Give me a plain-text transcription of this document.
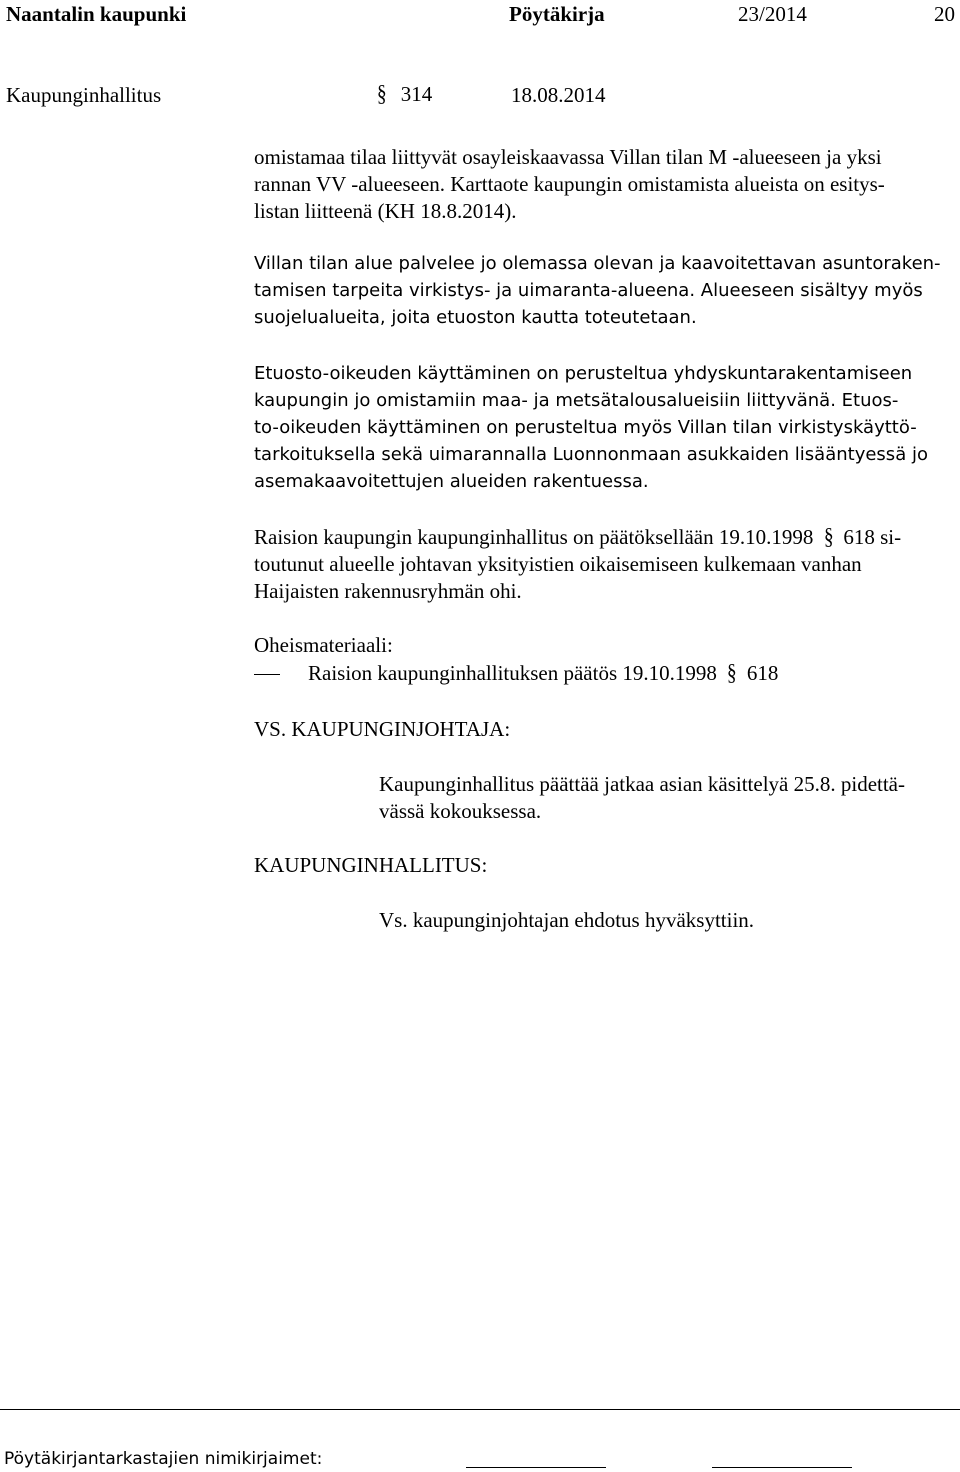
Naantalin kaupunki	Pöytäkirja	23/2014	20
Kaupunginhallitus	§ 314	18.08.2014
omistamaa tilaa liittyvät osayleiskaavassa Villan tilan M -alueeseen ja yksi
rannan VV -alueeseen. Karttaote kaupungin omistamista alueista on esitys-
listan liitteenä (KH 18.8.2014).
Villan tilan alue palvelee jo olemassa olevan ja kaavoitettavan asuntoraken-
tamisen tarpeita virkistys- ja uimaranta-alueena. Alueeseen sisältyy myös
suojelualueita, joita etuoston kautta toteutetaan.
Etuosto-oikeuden käyttäminen on perusteltua yhdyskuntarakentamiseen
kaupungin jo omistamiin maa- ja metsätalousalueisiin liittyvänä. Etuos-
to-oikeuden käyttäminen on perusteltua myös Villan tilan virkistyskäyttö-
tarkoituksella sekä uimarannalla Luonnonmaan asukkaiden lisääntyessä jo
asemakaavoitettujen alueiden rakentuessa.
Raision kaupungin kaupunginhallitus on päätöksellään 19.10.1998 § 618 si-
toutunut alueelle johtavan yksityistien oikaisemiseen kulkemaan vanhan
Haijaisten rakennusryhmän ohi.
Oheismateriaali:
Raision kaupunginhallituksen päätös 19.10.1998 § 618
VS. KAUPUNGINJOHTAJA:
Kaupunginhallitus päättää jatkaa asian käsittelyä 25.8. pidettä-
vässä kokouksessa.
KAUPUNGINHALLITUS:
Vs. kaupunginjohtajan ehdotus hyväksyttiin.
Pöytäkirjantarkastajien nimikirjaimet:
